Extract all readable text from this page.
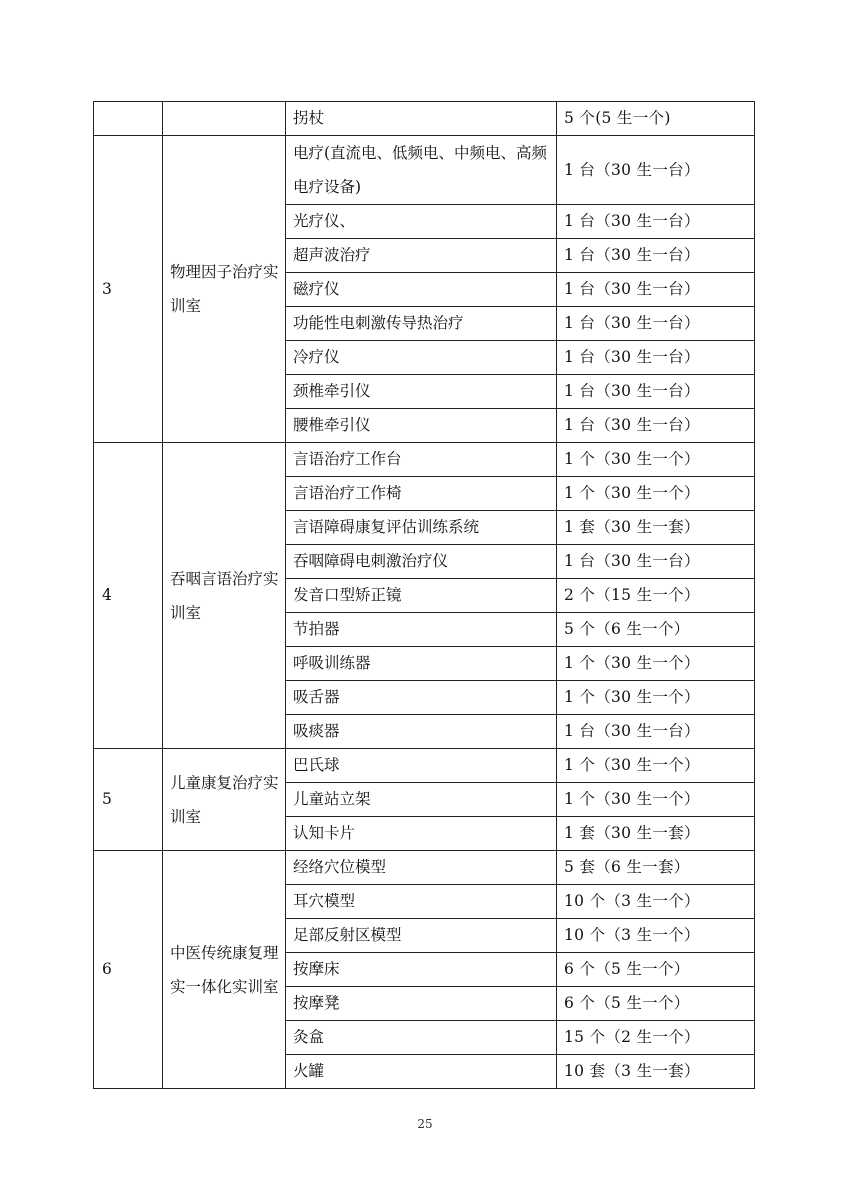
		拐杖	5 个(5 生一个)
3	物理因子治疗实训室	电疗(直流电、低频电、中频电、高频电疗设备)	1 台（30 生一台）
		光疗仪、	1 台（30 生一台）
		超声波治疗	1 台（30 生一台）
		磁疗仪	1 台（30 生一台）
		功能性电刺激传导热治疗	1 台（30 生一台）
		冷疗仪	1 台（30 生一台）
		颈椎牵引仪	1 台（30 生一台）
		腰椎牵引仪	1 台（30 生一台）
4	吞咽言语治疗实训室	言语治疗工作台	1 个（30 生一个）
		言语治疗工作椅	1 个（30 生一个）
		言语障碍康复评估训练系统	1 套（30 生一套）
		吞咽障碍电刺激治疗仪	1 台（30 生一台）
		发音口型矫正镜	2 个（15 生一个）
		节拍器	5 个（6 生一个）
		呼吸训练器	1 个（30 生一个）
		吸舌器	1 个（30 生一个）
		吸痰器	1 台（30 生一台）
5	儿童康复治疗实训室	巴氏球	1 个（30 生一个）
		儿童站立架	1 个（30 生一个）
		认知卡片	1 套（30 生一套）
6	中医传统康复理实一体化实训室	经络穴位模型	5 套（6 生一套）
		耳穴模型	10 个（3 生一个）
		足部反射区模型	10 个（3 生一个）
		按摩床	6 个（5 生一个）
		按摩凳	6 个（5 生一个）
		灸盒	15 个（2 生一个）
		火罐	10 套（3 生一套）
25
